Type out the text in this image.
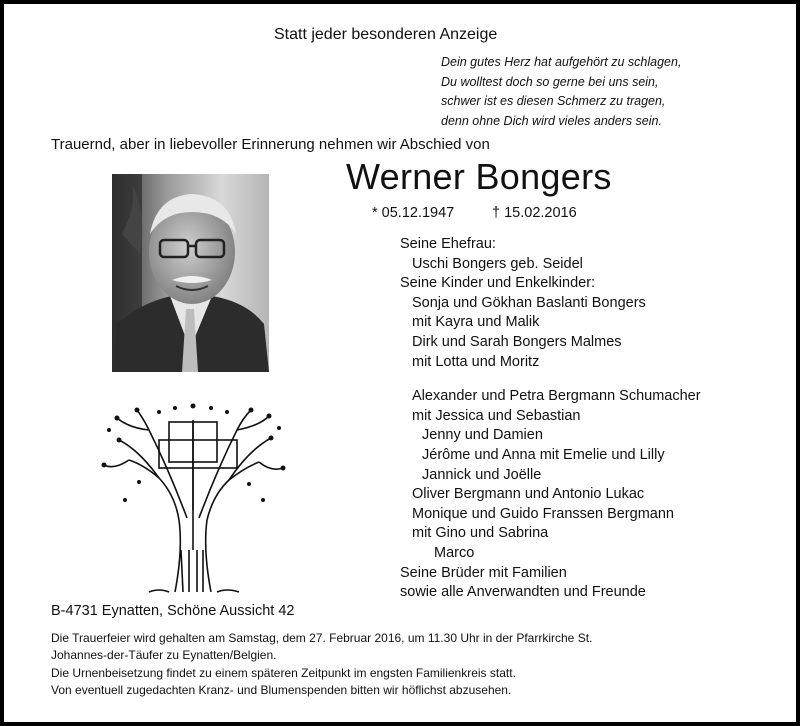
Statt jeder besonderen Anzeige
Dein gutes Herz hat aufgehört zu schlagen,
Du wolltest doch so gerne bei uns sein,
schwer ist es diesen Schmerz zu tragen,
denn ohne Dich wird vieles anders sein.
Trauernd, aber in liebevoller Erinnerung nehmen wir Abschied von
Werner Bongers
* 05.12.1947	† 15.02.2016
Seine Ehefrau:
Uschi Bongers geb. Seidel
Seine Kinder und Enkelkinder:
Sonja und Gökhan Baslanti Bongers
mit Kayra und Malik
Dirk und Sarah Bongers Malmes
mit Lotta und Moritz
Alexander und Petra Bergmann Schumacher
mit Jessica und Sebastian
Jenny und Damien
Jérôme und Anna mit Emelie und Lilly
Jannick und Joëlle
Oliver Bergmann und Antonio Lukac
Monique und Guido Franssen Bergmann
mit Gino und Sabrina
Marco
Seine Brüder mit Familien
sowie alle Anverwandten und Freunde
B-4731 Eynatten, Schöne Aussicht 42
Die Trauerfeier wird gehalten am Samstag, dem 27. Februar 2016, um 11.30 Uhr in der Pfarrkirche St.
Johannes-der-Täufer zu Eynatten/Belgien.
Die Urnenbeisetzung findet zu einem späteren Zeitpunkt im engsten Familienkreis statt.
Von eventuell zugedachten Kranz- und Blumenspenden bitten wir höflichst abzusehen.
